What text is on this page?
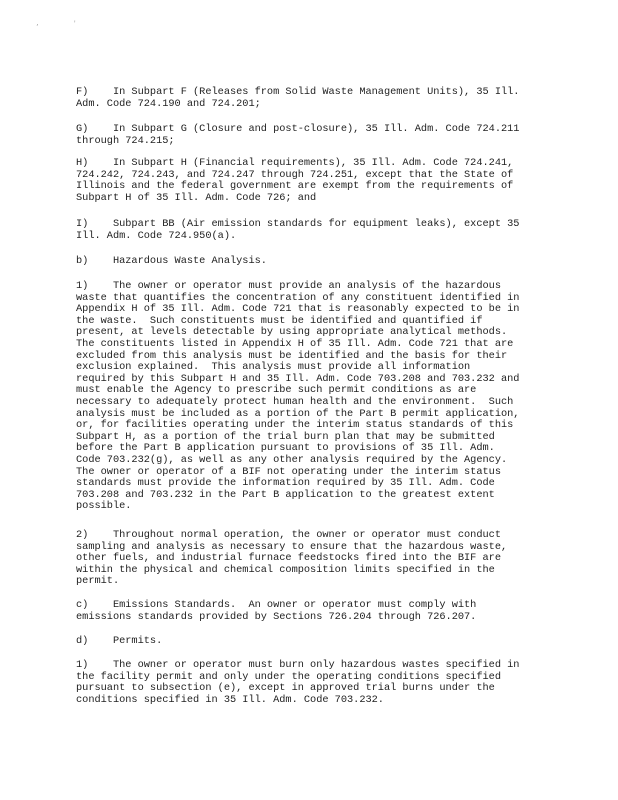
,	'

F)    In Subpart F (Releases from Solid Waste Management Units), 35 Ill.
Adm. Code 724.190 and 724.201;

G)    In Subpart G (Closure and post-closure), 35 Ill. Adm. Code 724.211
through 724.215;

H)    In Subpart H (Financial requirements), 35 Ill. Adm. Code 724.241,
724.242, 724.243, and 724.247 through 724.251, except that the State of
Illinois and the federal government are exempt from the requirements of
Subpart H of 35 Ill. Adm. Code 726; and

I)    Subpart BB (Air emission standards for equipment leaks), except 35
Ill. Adm. Code 724.950(a).

b)    Hazardous Waste Analysis.

1)    The owner or operator must provide an analysis of the hazardous
waste that quantifies the concentration of any constituent identified in
Appendix H of 35 Ill. Adm. Code 721 that is reasonably expected to be in
the waste.  Such constituents must be identified and quantified if
present, at levels detectable by using appropriate analytical methods.
The constituents listed in Appendix H of 35 Ill. Adm. Code 721 that are
excluded from this analysis must be identified and the basis for their
exclusion explained.  This analysis must provide all information
required by this Subpart H and 35 Ill. Adm. Code 703.208 and 703.232 and
must enable the Agency to prescribe such permit conditions as are
necessary to adequately protect human health and the environment.  Such
analysis must be included as a portion of the Part B permit application,
or, for facilities operating under the interim status standards of this
Subpart H, as a portion of the trial burn plan that may be submitted
before the Part B application pursuant to provisions of 35 Ill. Adm.
Code 703.232(g), as well as any other analysis required by the Agency.
The owner or operator of a BIF not operating under the interim status
standards must provide the information required by 35 Ill. Adm. Code
703.208 and 703.232 in the Part B application to the greatest extent
possible.

2)    Throughout normal operation, the owner or operator must conduct
sampling and analysis as necessary to ensure that the hazardous waste,
other fuels, and industrial furnace feedstocks fired into the BIF are
within the physical and chemical composition limits specified in the
permit.

c)    Emissions Standards.  An owner or operator must comply with
emissions standards provided by Sections 726.204 through 726.207.

d)    Permits.

1)    The owner or operator must burn only hazardous wastes specified in
the facility permit and only under the operating conditions specified
pursuant to subsection (e), except in approved trial burns under the
conditions specified in 35 Ill. Adm. Code 703.232.
